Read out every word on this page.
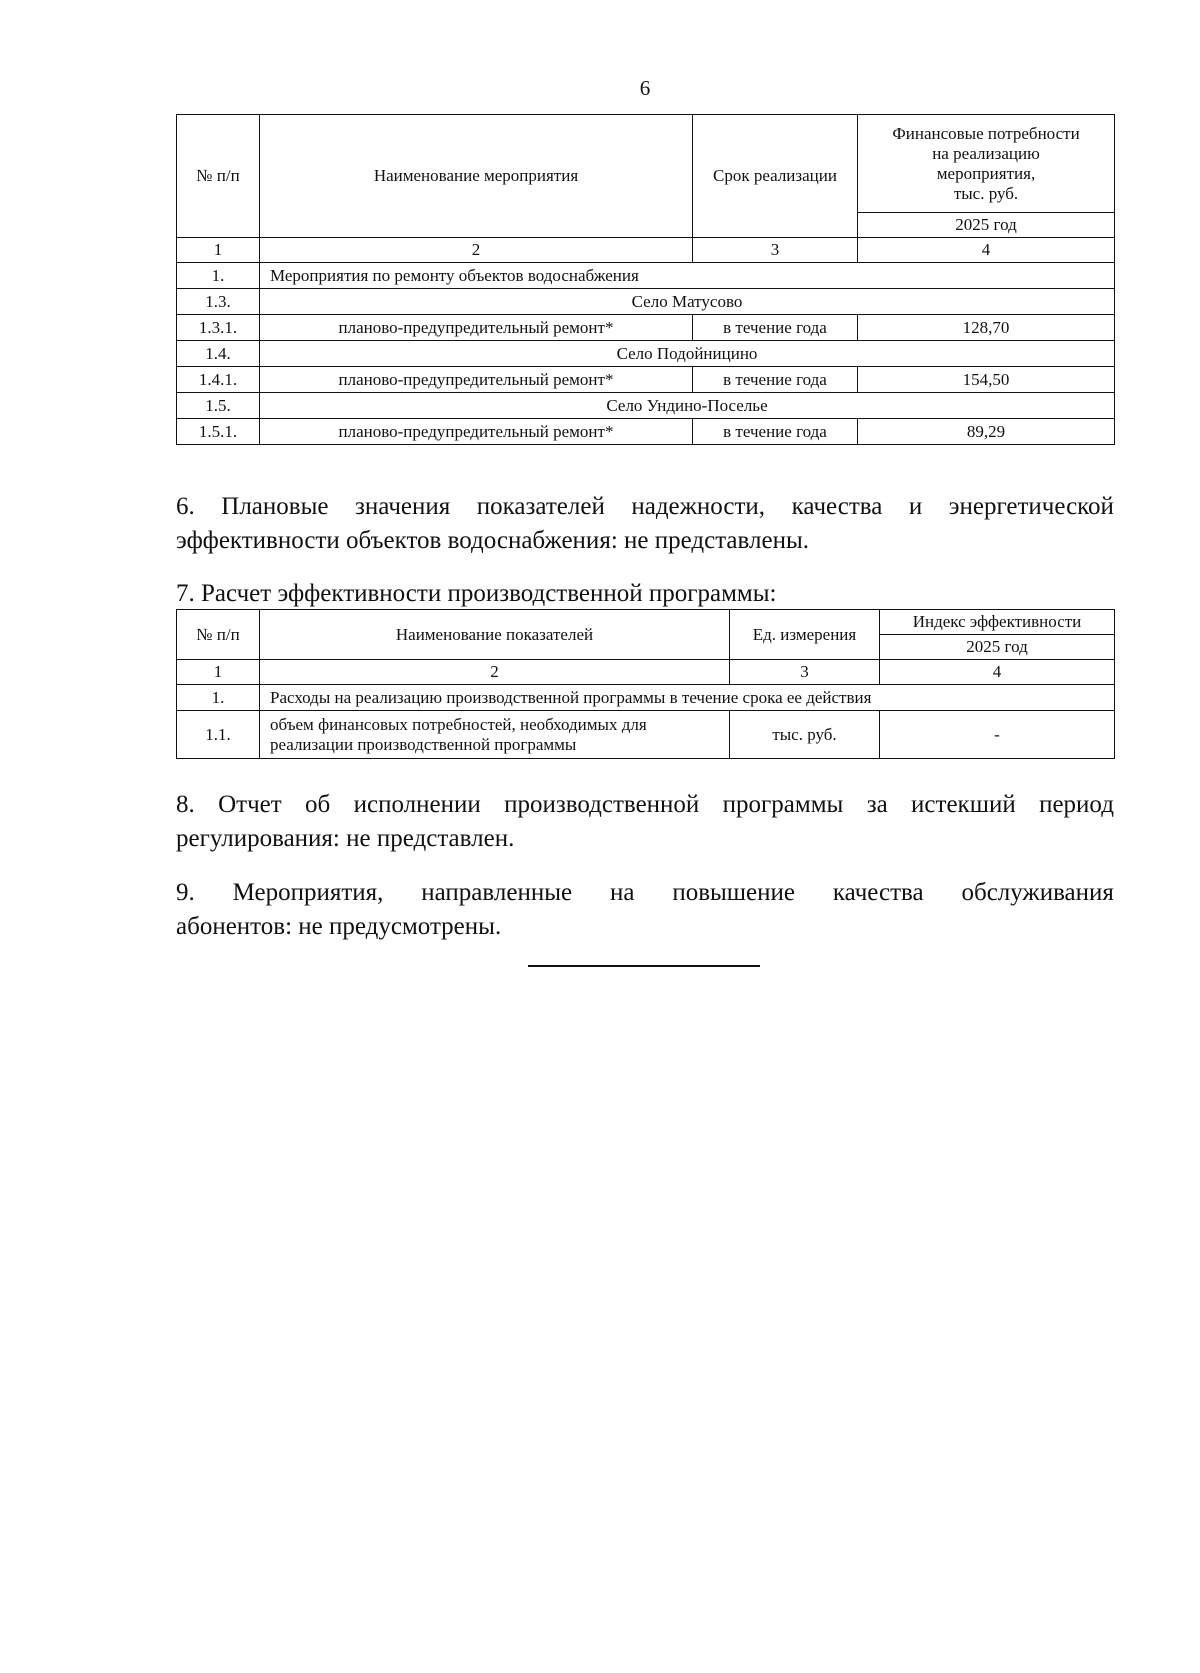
6
№ п/п	Наименование мероприятия	Срок реализации	Финансовые потребности
на реализацию
мероприятия,
тыс. руб.

			2025 год
1	2	3	4
1.	Мероприятия по ремонту объектов водоснабжения		
1.3.	Село Матусово		
1.3.1.	планово-предупредительный ремонт*	в течение года	128,70
1.4.	Село Подойницино		
1.4.1.	планово-предупредительный ремонт*	в течение года	154,50
1.5.	Село Ундино-Поселье		
1.5.1.	планово-предупредительный ремонт*	в течение года	89,29
6. Плановые значения показателей надежности, качества и энергетической
эффективности объектов водоснабжения: не представлены.
7. Расчет эффективности производственной программы:
№ п/п	Наименование показателей	Ед. измерения	Индекс эффективности
			2025 год
1	2	3	4
1.	Расходы на реализацию производственной программы в течение срока ее действия		
1.1.	объем финансовых потребностей, необходимых для реализации производственной программы	тыс. руб.	-
8. Отчет об исполнении производственной программы за истекший период
регулирования: не представлен.
9. Мероприятия, направленные на повышение качества обслуживания
абонентов: не предусмотрены.
